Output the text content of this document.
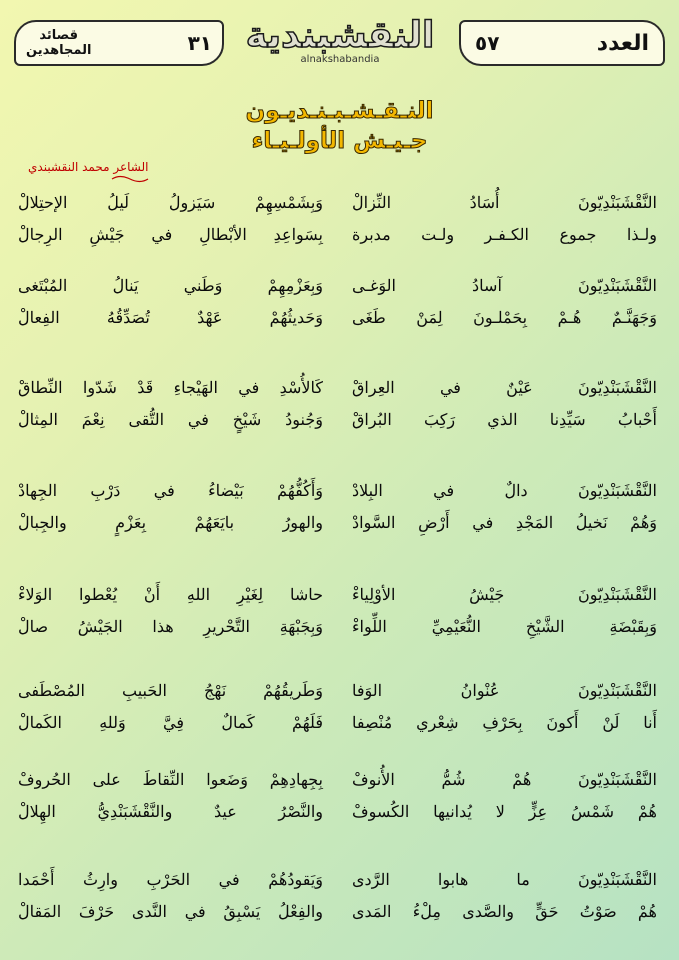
قصائد
المجاهدين	٣١ النقشبندية
alnakshabandia
٥٧	العدد
النـقـشـبـنـديـون
جـيـش الأولـيـاء
الشاعر محمد النقشبندي
النَّقْشَبَنْدِيّونَ أُسَادُ النِّزالْ
ولـذا جموع الكـفـر ولـت مدبرة
وَبِشَمْسِهِمْ سَيَزولُ لَيلُ الإحتِلالْ
بِسَواعِدِ الأبْطالِ في جَيْشِ الرِجالْ
النَّقْشَبَنْدِيّونَ آسادُ الوَغـى
وَجَهَنَّـمٌ هُـمْ بِحَمْلـونَ لِمَنْ طَغَى
وَبِعَزْمِهِمْ وَطَني يَنالُ المُبْتَغى
وَحَديثُهُمْ عَهْدٌ تُصَدِّقُهُ الفِعالْ
النَّقْشَبَنْدِيّونَ عَيْنٌ في العِراقْ
أَحْبابُ سَيِّدِنا الذي رَكِبَ البُراقْ
كَالأُسْدِ في الهَيْجاءِ قَدْ شَدّوا النِّطاقْ
وَجُنودُ شَيْخٍ في التُّقى نِعْمَ المِثالْ
النَّقْشَبَنْدِيّونَ دالٌ في البِلادْ
وَهُمْ نَخيلُ المَجْدِ في أَرْضِ السَّوادْ
وَأَكُفُّهُمْ بَيْضاءُ في دَرْبِ الجِهادْ
والهورُ بايَعَهُمْ بِعَزْمٍ والجِبالْ
النَّقْشَبَنْدِيّونَ جَيْشُ الأوْلِياءْ
وَبِقَبْضَةِ الشَّيْخِ النُّعَيْمِيِّ اللِّواءْ
حاشا لِغَيْرِ اللهِ أَنْ يُعْطوا الوَلاءْ
وَبِجَبْهَةِ التَّحْريرِ هذا الجَيْشُ صالْ
النَّقْشَبَنْدِيّونَ عُنْوانُ الوَفا
أَنا لَنْ أَكونَ بِحَرْفِ شِعْري مُنْصِفا
وَطَريقُهُمْ نَهْجُ الحَبيبِ المُصْطَفى
فَلَهُمْ كَمالٌ فِيَّ وَللهِ الكَمالْ
النَّقْشَبَنْدِيّونَ هُمْ شُمُّ الأُنوفْ
هُمْ شَمْسُ عِزٍّ لا يُدانيها الكُسوفْ
بِجِهادِهِمْ وَضَعوا النِّقاطَ على الحُروفْ
والنَّصْرُ عيدٌ والنَّقْشَبَنْدِيُّ الهِلالْ
النَّقْشَبَنْدِيّونَ ما هابوا الرَّدى
هُمْ صَوْتُ حَقٍّ والصَّدى مِلْءُ المَدى
وَيَقودُهُمْ في الحَرْبِ وارِثُ أَحْمَدا
والفِعْلُ يَسْبِقُ في النَّدى حَرْفَ المَقالْ
